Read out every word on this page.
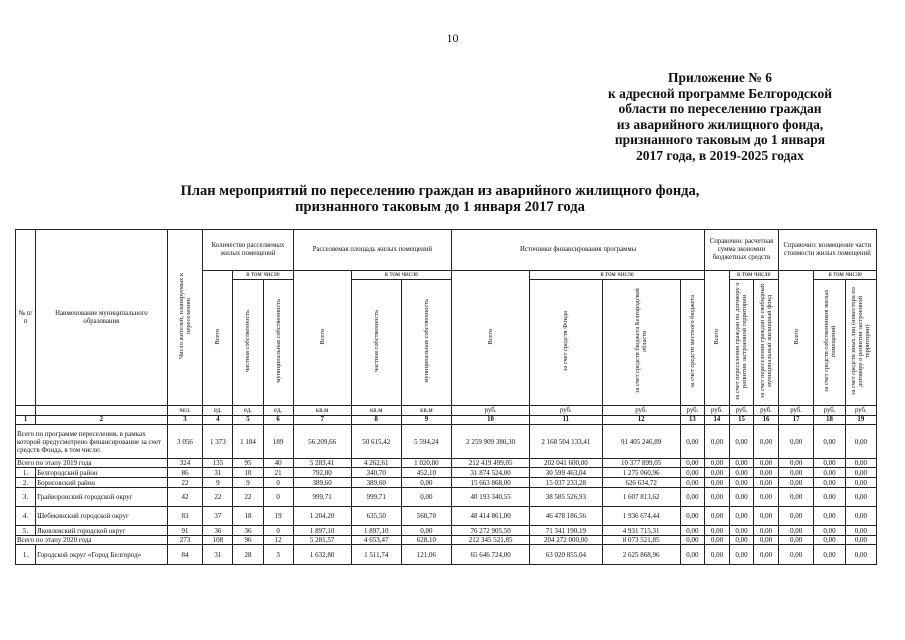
10
Приложение № 6
к адресной программе Белгородской
области по переселению граждан
из аварийного жилищного фонда,
признанного таковым до 1 января
2017 года, в 2019-2025 годах
План мероприятий по переселению граждан из аварийного жилищного фонда,
признанного таковым до 1 января 2017 года
№ п/п	Наименование муниципального образования	Число жителей, планируемых к переселению	Количество расселяемых жилых помещений			Расселяемая площадь жилых помещений			Источники финансирования программы				Справочно: расчетная сумма экономии бюджетных средств			Справочно: возмещение части стоимости жилых помещений		
			Всего	в том числе		Всего	в том числе		Всего	в том числе			Всего	в том числе		Всего	в том числе	
				частная собственность	муниципальная собственность		частная собственность	муниципальная собственность		за счет средств Фонда	за счет средств бюджета Белгородской области	за счет средств местного бюджета		за счет переселения граждан по договору о развитии застроенной территории	за счет переселения граждан в свободный муниципальный жилищный фонд		за счет средств собственников жилых помещений	за счет средств иных лиц (инвестора по договору о развитии застроенной территории)
		чел.	ед.	ед.	ед.	кв.м	кв.м	кв.м	руб.	руб.	руб.	руб.	руб.	руб.	руб.	руб.	руб.	руб.
1	2	3	4	5	6	7	8	9	10	11	12	13	14	15	16	17	18	19
Всего по программе переселения, в рамках которой предусмотрено финансирование за счет средств Фонда, в том числе:		3 056	1 373	1 184	189	56 209,66	50 615,42	5 594,24	2 259 909 380,30	2 168 504 133,41	91 405 246,89	0,00	0,00	0,00	0,00	0,00	0,00	0,00
Всего по этапу 2019 года		324	135	95	40	5 283,41	4 262,61	1 020,80	212 419 499,05	202 041 600,00	10 377 899,05	0,00	0,00	0,00	0,00	0,00	0,00	0,00
1.	Белгородский район	86	31	10	21	792,80	340,70	452,10	31 874 524,00	30 599 463,04	1 275 060,96	0,00	0,00	0,00	0,00	0,00	0,00	0,00
2.	Борисовский район	22	9	9	0	389,60	389,60	0,00	15 663 868,00	15 037 233,28	626 634,72	0,00	0,00	0,00	0,00	0,00	0,00	0,00
3.	Грайворонский городской округ	42	22	22	0	999,71	999,71	0,00	40 193 340,55	38 585 526,93	1 607 813,62	0,00	0,00	0,00	0,00	0,00	0,00	0,00
4.	Шебекинский городской округ	83	37	18	19	1 204,20	635,50	568,70	48 414 861,00	46 478 186,56	1 936 674,44	0,00	0,00	0,00	0,00	0,00	0,00	0,00
5.	Яковлевский городской округ	91	36	36	0	1 897,10	1 897,10	0,00	76 272 905,50	71 341 190,19	4 931 715,31	0,00	0,00	0,00	0,00	0,00	0,00	0,00
Всего по этапу 2020 года		273	108	96	12	5 281,57	4 653,47	628,10	212 345 521,85	204 272 000,00	8 073 521,85	0,00	0,00	0,00	0,00	0,00	0,00	0,00
1.	Городской округ «Город Белгород»	84	31	28	3	1 632,80	1 511,74	121,06	65 646 724,00	63 020 855,04	2 625 868,96	0,00	0,00	0,00	0,00	0,00	0,00	0,00
